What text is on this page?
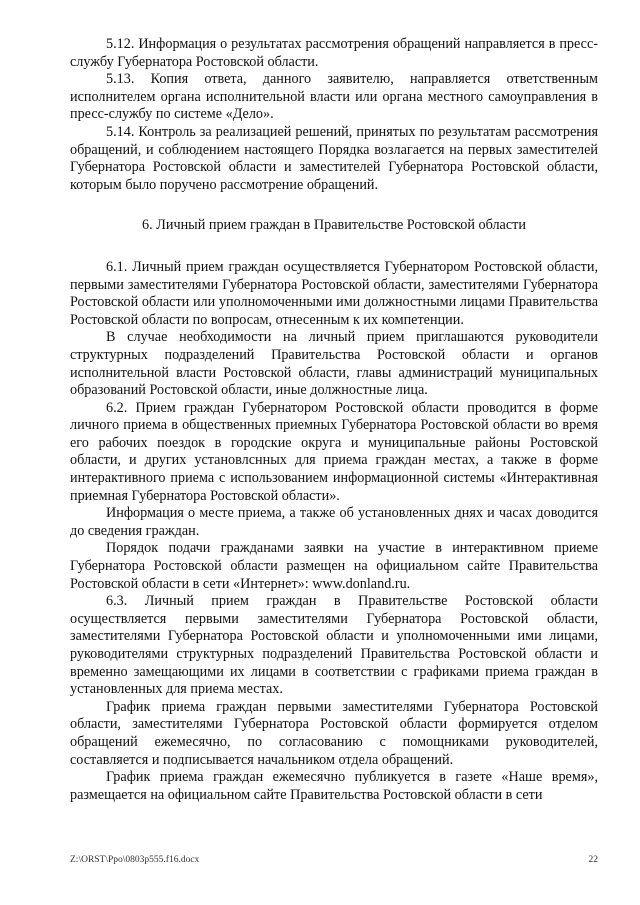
5.12. Информация о результатах рассмотрения обращений направляется в пресс-службу Губернатора Ростовской области.

5.13. Копия ответа, данного заявителю, направляется ответственным исполнителем органа исполнительной власти или органа местного самоуправления в пресс-службу по системе «Дело».

5.14. Контроль за реализацией решений, принятых по результатам рассмотрения обращений, и соблюдением настоящего Порядка возлагается на первых заместителей Губернатора Ростовской области и заместителей Губернатора Ростовской области, которым было поручено рассмотрение обращений.

6. Личный прием граждан в Правительстве Ростовской области

6.1. Личный прием граждан осуществляется Губернатором Ростовской области, первыми заместителями Губернатора Ростовской области, заместителями Губернатора Ростовской области или уполномоченными ими должностными лицами Правительства Ростовской области по вопросам, отнесенным к их компетенции.

В случае необходимости на личный прием приглашаются руководители структурных подразделений Правительства Ростовской области и органов исполнительной власти Ростовской области, главы администраций муниципальных образований Ростовской области, иные должностные лица.

6.2. Прием граждан Губернатором Ростовской области проводится в форме личного приема в общественных приемных Губернатора Ростовской области во время его рабочих поездок в городские округа и муниципальные районы Ростовской области, и других установлснных для приема граждан местах, а также в форме интерактивного приема с использованием информационной системы «Интерактивная приемная Губернатора Ростовской области».

Информация о месте приема, а также об установленных днях и часах доводится до сведения граждан.

Порядок подачи гражданами заявки на участие в интерактивном приеме Губернатора Ростовской области размещен на официальном сайте Правительства Ростовской области в сети «Интернет»: www.donland.ru.

6.3. Личный прием граждан в Правительстве Ростовской области осуществляется первыми заместителями Губернатора Ростовской области, заместителями Губернатора Ростовской области и уполномоченными ими лицами, руководителями структурных подразделений Правительства Ростовской области и временно замещающими их лицами в соответствии с графиками приема граждан в установленных для приема местах.

График приема граждан первыми заместителями Губернатора Ростовской области, заместителями Губернатора Ростовской области формируется отделом обращений ежемесячно, по согласованию с помощниками руководителей, составляется и подписывается начальником отдела обращений.

График приема граждан ежемесячно публикуется в газете «Наше время», размещается на официальном сайте Правительства Ростовской области в сети

Z:\ORST\Ppo\0803p555.f16.docx	22
